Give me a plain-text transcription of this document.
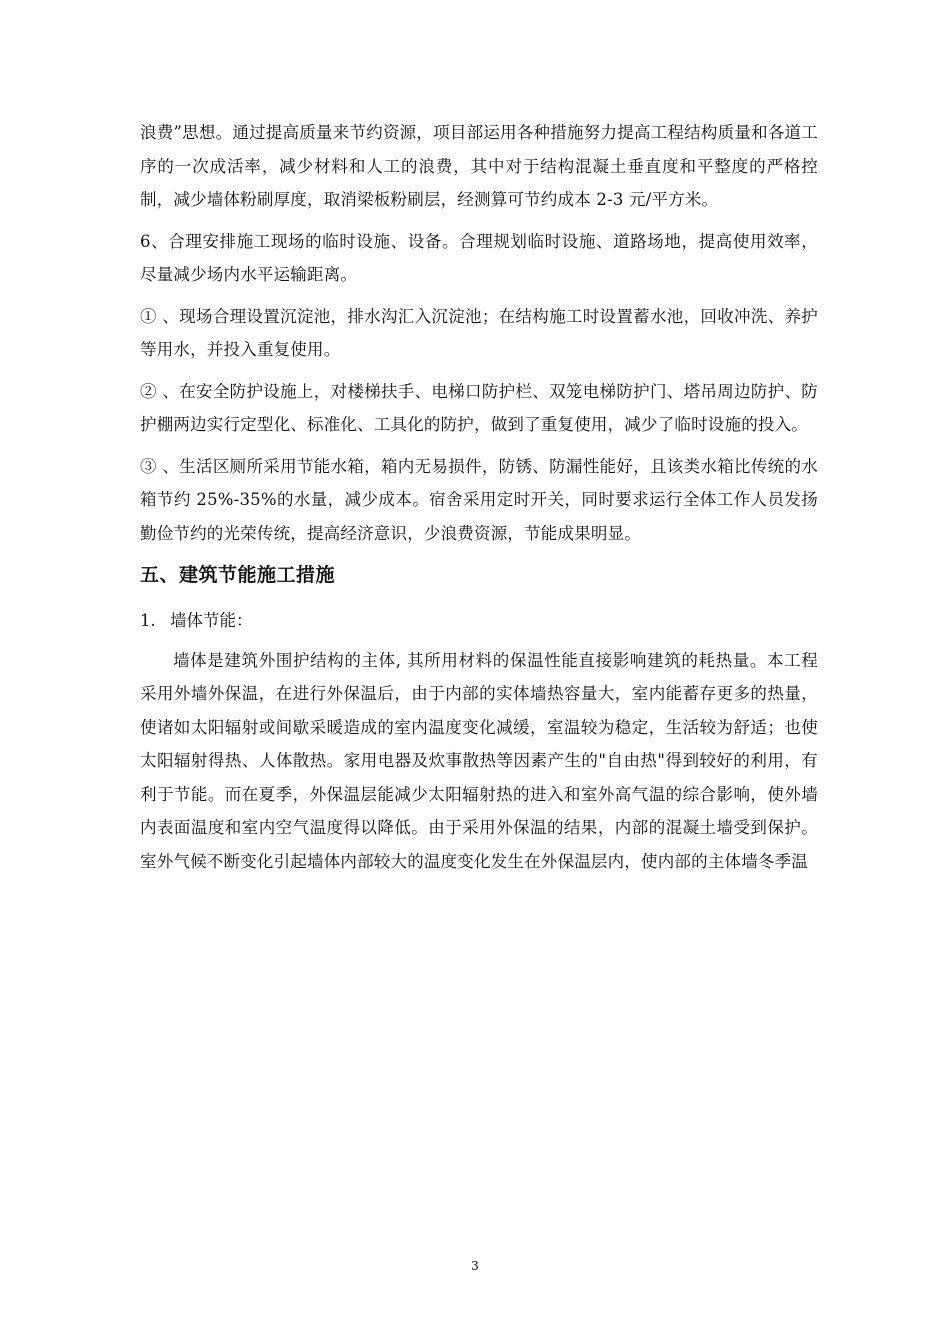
浪费”思想。通过提高质量来节约资源，项目部运用各种措施努力提高工程结构质量和各道工序的一次成活率，减少材料和人工的浪费，其中对于结构混凝土垂直度和平整度的严格控制，减少墙体粉刷厚度，取消梁板粉刷层，经测算可节约成本 2-3 元/平方米。

6、合理安排施工现场的临时设施、设备。合理规划临时设施、道路场地，提高使用效率，尽量减少场内水平运输距离。

① 、现场合理设置沉淀池，排水沟汇入沉淀池；在结构施工时设置蓄水池，回收冲洗、养护等用水，并投入重复使用。

② 、在安全防护设施上，对楼梯扶手、电梯口防护栏、双笼电梯防护门、塔吊周边防护、防护棚两边实行定型化、标准化、工具化的防护，做到了重复使用，减少了临时设施的投入。

③ 、生活区厕所采用节能水箱，箱内无易损件，防锈、防漏性能好，且该类水箱比传统的水箱节约 25%-35%的水量，减少成本。宿舍采用定时开关，同时要求运行全体工作人员发扬勤俭节约的光荣传统，提高经济意识，少浪费资源，节能成果明显。

五、建筑节能施工措施
1. 墙体节能：

墙体是建筑外围护结构的主体, 其所用材料的保温性能直接影响建筑的耗热量。本工程采用外墙外保温，在进行外保温后，由于内部的实体墙热容量大，室内能蓄存更多的热量，使诸如太阳辐射或间歇采暖造成的室内温度变化减缓，室温较为稳定，生活较为舒适；也使太阳辐射得热、人体散热。家用电器及炊事散热等因素产生的"自由热"得到较好的利用，有利于节能。而在夏季，外保温层能减少太阳辐射热的进入和室外高气温的综合影响，使外墙内表面温度和室内空气温度得以降低。由于采用外保温的结果，内部的混凝土墙受到保护。室外气候不断变化引起墙体内部较大的温度变化发生在外保温层内，使内部的主体墙冬季温

3
